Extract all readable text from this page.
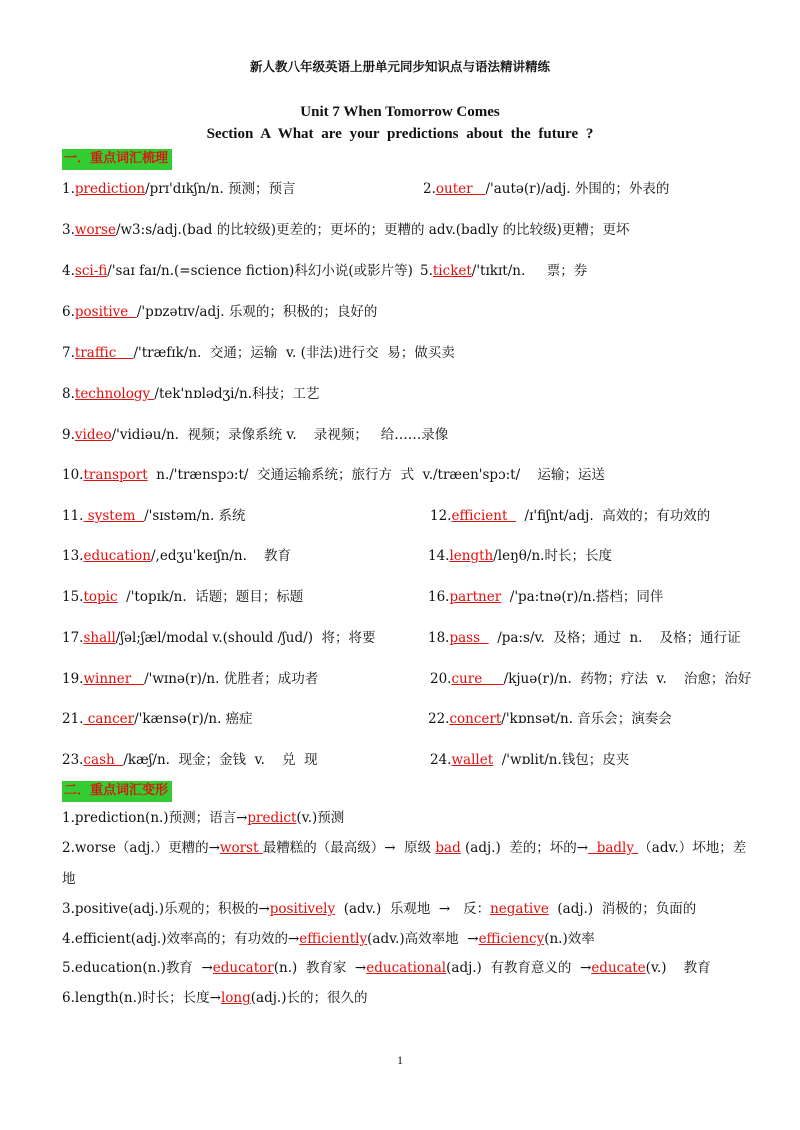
新人教八年级英语上册单元同步知识点与语法精讲精练
Unit 7 When Tomorrow Comes
Section A What are your predictions about the future ?
一．重点词汇梳理
1.prediction/prɪ'dɪkʃn/n. 预测；预言	2.outer   /'autə(r)/adj. 外围的；外表的
3.worse/w3:s/adj.(bad 的比较级)更差的；更坏的；更糟的 adv.(badly 的比较级)更糟；更坏
4.sci-fi/'saɪ faɪ/n.(=science fiction)科幻小说(或影片等) 5.ticket/'tɪkɪt/n.     票；券
6.positive  /'pɒzətɪv/adj. 乐观的；积极的；良好的
7.traffic    /'træfɪk/n.  交通；运输  v. (非法)进行交  易；做买卖
8.technology /tek'nɒlədʒi/n.科技；工艺
9.video/'vidiəu/n.  视频；录像系统 v.    录视频；   给……录像
10.transport  n./'trænspɔ:t/  交通运输系统；旅行方  式  v./træen'spɔ:t/    运输；运送
11. system  /'sɪstəm/n. 系统	12.efficient    /ɪ'fiʃnt/adj.  高效的；有功效的
13.education/,edʒu'keɪʃn/n.    教育	14.length/leŋθ/n.时长；长度
15.topic  /'topɪk/n.  话题；题目；标题	16.partner  /'pa:tnə(r)/n.搭档；同伴
17.shall/ʃəl;ʃæl/modal v.(should /ʃud/)  将；将要	18.pass    /pa:s/v.  及格；通过  n.    及格；通行证
19.winner   /'wɪnə(r)/n. 优胜者；成功者	20.cure     /kjuə(r)/n.  药物；疗法  v.    治愈；治好
21. cancer/'kænsə(r)/n. 癌症	22.concert/'kɒnsət/n. 音乐会；演奏会
23.cash  /kæʃ/n.  现金；金钱  v.    兑  现	24.wallet  /'wɒlit/n.钱包；皮夹
二．重点词汇变形
1.prediction(n.)预测；语言→predict(v.)预测
2.worse（adj.）更糟的→worst 最糟糕的（最高级）→  原级 bad (adj.)  差的；坏的→  badly （adv.）坏地；差
地
3.positive(adj.)乐观的；积极的→positively  (adv.)  乐观地  →   反：negative  (adj.)  消极的；负面的
4.efficient(adj.)效率高的；有功效的→efficiently(adv.)高效率地  →efficiency(n.)效率
5.education(n.)教育  →educator(n.)  教育家  →educational(adj.)  有教育意义的  →educate(v.)    教育
6.length(n.)时长；长度→long(adj.)长的；很久的
1
